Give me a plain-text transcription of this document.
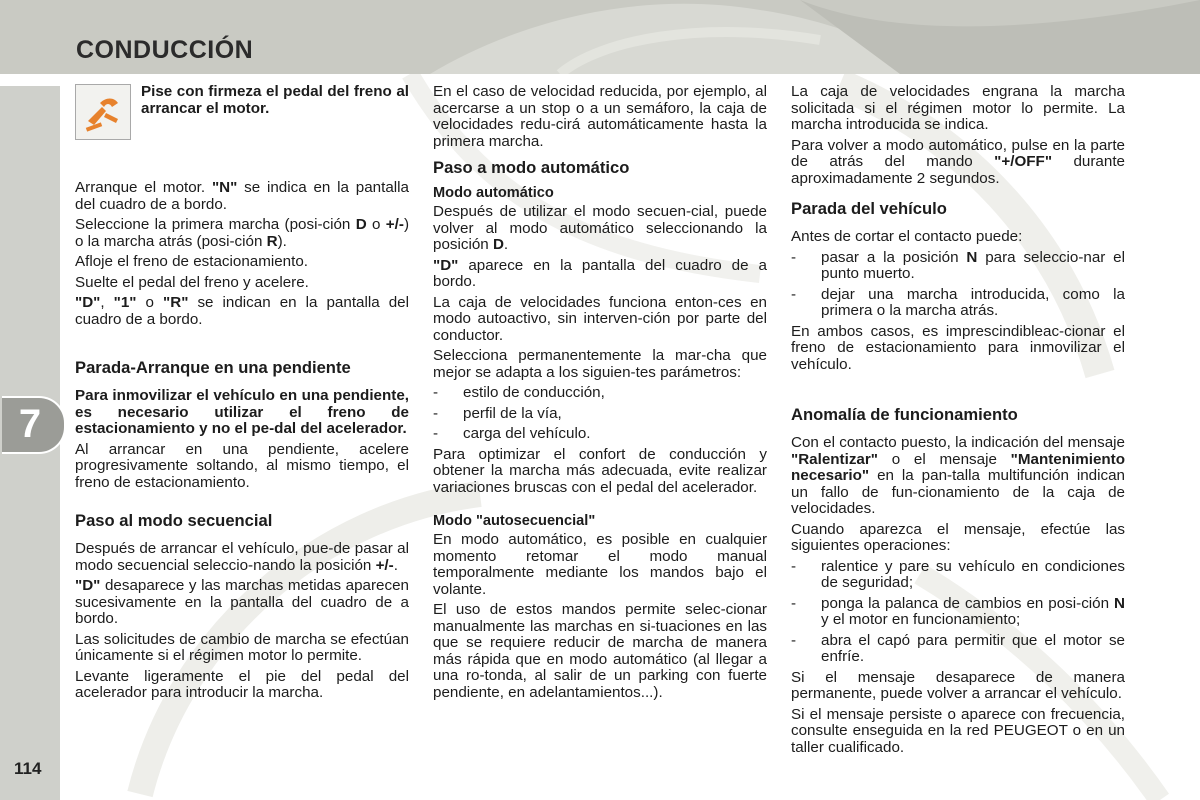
CONDUCCIÓN
7
114

Pise con firmeza el pedal del freno al arrancar el motor.

Arranque el motor. "N" se indica en la pantalla del cuadro de a bordo.

Seleccione la primera marcha (posi-ción D o +/-) o la marcha atrás (posi-ción R).

Afloje el freno de estacionamiento.

Suelte el pedal del freno y acelere.

"D", "1" o "R" se indican en la pantalla del cuadro de a bordo.

Parada-Arranque en una pendiente

Para inmovilizar el vehículo en una pendiente, es necesario utilizar el freno de estacionamiento y no el pe-dal del acelerador.

Al arrancar en una pendiente, acelere progresivamente soltando, al mismo tiempo, el freno de estacionamiento.

Paso al modo secuencial

Después de arrancar el vehículo, pue-de pasar al modo secuencial seleccio-nando la posición +/-.

"D" desaparece y las marchas metidas aparecen sucesivamente en la pantalla del cuadro de a bordo.

Las solicitudes de cambio de marcha se efectúan únicamente si el régimen motor lo permite.

Levante ligeramente el pie del pedal del acelerador para introducir la marcha.

En el caso de velocidad reducida, por ejemplo, al acercarse a un stop o a un semáforo, la caja de velocidades redu-cirá automáticamente hasta la primera marcha.

Paso a modo automático
Modo automático

Después de utilizar el modo secuen-cial, puede volver al modo automático seleccionando la posición D.

"D" aparece en la pantalla del cuadro de a bordo.

La caja de velocidades funciona enton-ces en modo autoactivo, sin interven-ción por parte del conductor.

Selecciona permanentemente la mar-cha que mejor se adapta a los siguien-tes parámetros:

- estilo de conducción,
- perfil de la vía,
- carga del vehículo.

Para optimizar el confort de conducción y obtener la marcha más adecuada, evite realizar variaciones bruscas con el pedal del acelerador.

Modo "autosecuencial"

En modo automático, es posible en cualquier momento retomar el modo manual temporalmente mediante los mandos bajo el volante.

El uso de estos mandos permite selec-cionar manualmente las marchas en si-tuaciones en las que se requiere reducir de marcha de manera más rápida que en modo automático (al llegar a una ro-tonda, al salir de un parking con fuerte pendiente, en adelantamientos...).

La caja de velocidades engrana la marcha solicitada si el régimen motor lo permite. La marcha introducida se indica.

Para volver a modo automático, pulse en la parte de atrás del mando "+/OFF" durante aproximadamente 2 segundos.

Parada del vehículo

Antes de cortar el contacto puede:

- pasar a la posición N para seleccio-nar el punto muerto.
- dejar una marcha introducida, como la primera o la marcha atrás.

En ambos casos, es imprescindibleac-cionar el freno de estacionamiento para inmovilizar el vehículo.

Anomalía de funcionamiento

Con el contacto puesto, la indicación del mensaje "Ralentizar" o el mensaje "Mantenimiento necesario" en la pan-talla multifunción indican un fallo de fun-cionamiento de la caja de velocidades.

Cuando aparezca el mensaje, efectúe las siguientes operaciones:

- ralentice y pare su vehículo en condiciones de seguridad;
- ponga la palanca de cambios en posi-ción N y el motor en funcionamiento;
- abra el capó para permitir que el motor se enfríe.

Si el mensaje desaparece de manera permanente, puede volver a arrancar el vehículo.

Si el mensaje persiste o aparece con frecuencia, consulte enseguida en la red PEUGEOT o en un taller cualificado.
